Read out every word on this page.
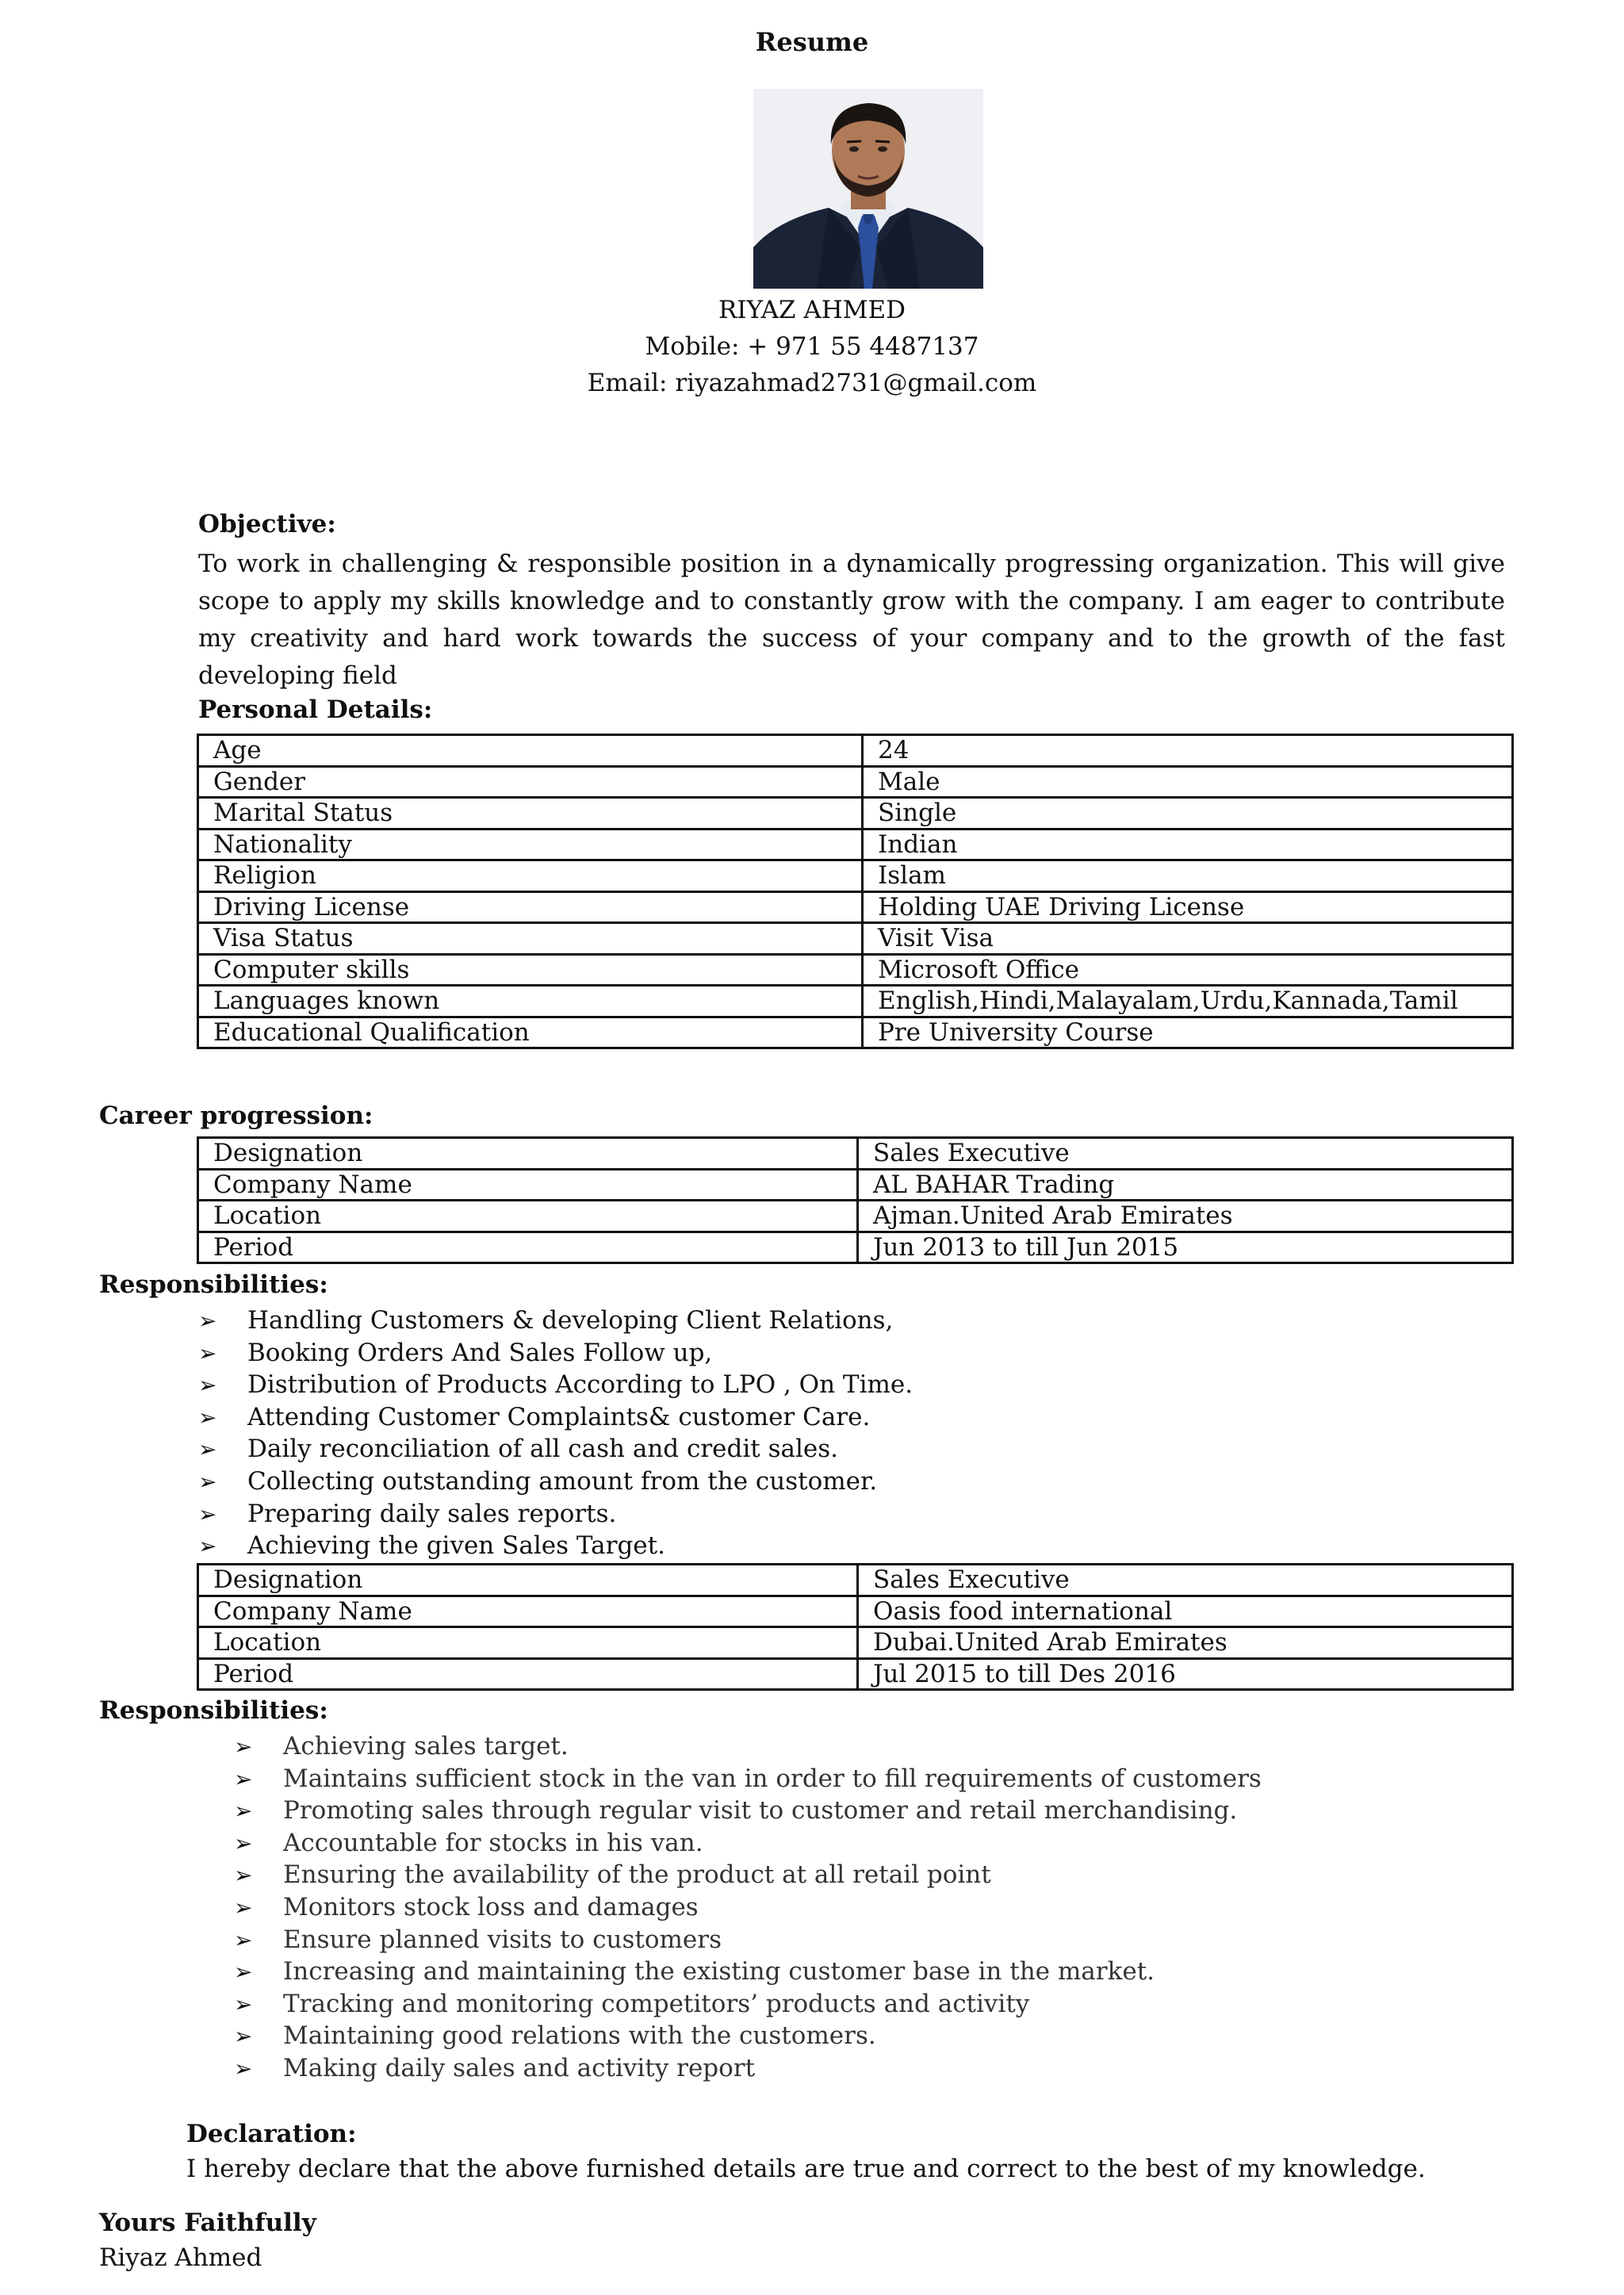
Resume
RIYAZ AHMED
Mobile: + 971 55 4487137
Email: riyazahmad2731@gmail.com
Objective:
To work in challenging & responsible position in a dynamically progressing organization. This will give scope to apply my skills knowledge and to constantly grow with the company. I am eager to contribute my creativity and hard work towards the success of your company and to the growth of the fast developing field
Personal Details:
Age	24
Gender	Male
Marital Status	Single
Nationality	Indian
Religion	Islam
Driving License	Holding UAE Driving License
Visa Status	Visit Visa
Computer skills	Microsoft Office
Languages known	English,Hindi,Malayalam,Urdu,Kannada,Tamil
Educational Qualification	Pre University Course
Career progression:
Designation	Sales Executive
Company Name	AL BAHAR Trading
Location	Ajman.United Arab Emirates
Period	Jun 2013 to till Jun 2015
Responsibilities:
➢ Handling Customers & developing Client Relations,
➢ Booking Orders And Sales Follow up,
➢ Distribution of Products According to LPO , On Time.
➢ Attending Customer Complaints& customer Care.
➢ Daily reconciliation of all cash and credit sales.
➢ Collecting outstanding amount from the customer.
➢ Preparing daily sales reports.
➢ Achieving the given Sales Target.
Designation	Sales Executive
Company Name	Oasis food international
Location	Dubai.United Arab Emirates
Period	Jul 2015 to till Des 2016
Responsibilities:
➢ Achieving sales target.
➢ Maintains sufficient stock in the van in order to fill requirements of customers
➢ Promoting sales through regular visit to customer and retail merchandising.
➢ Accountable for stocks in his van.
➢ Ensuring the availability of the product at all retail point
➢ Monitors stock loss and damages
➢ Ensure planned visits to customers
➢ Increasing and maintaining the existing customer base in the market.
➢ Tracking and monitoring competitors’ products and activity
➢ Maintaining good relations with the customers.
➢ Making daily sales and activity report
Declaration:
I hereby declare that the above furnished details are true and correct to the best of my knowledge.
Yours Faithfully
Riyaz Ahmed
